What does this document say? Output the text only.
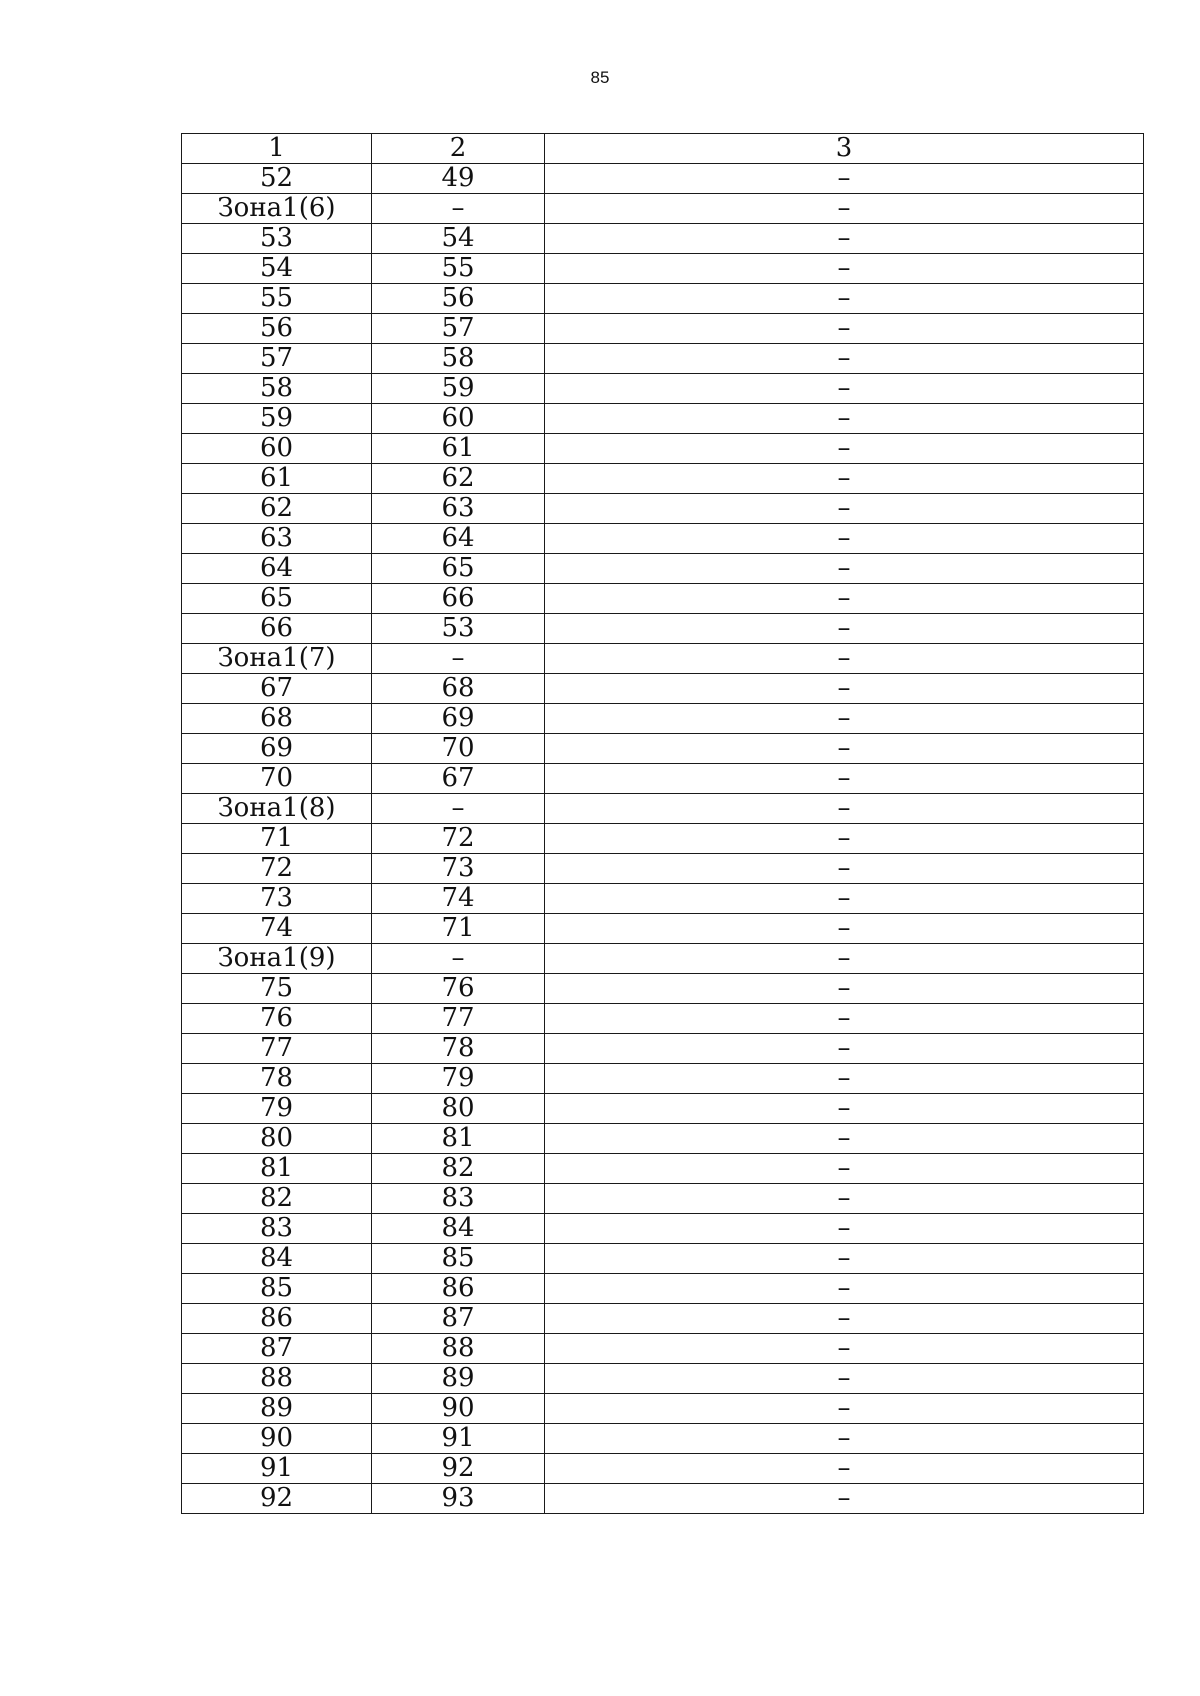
85
1	2	3
52	49	–
Зона1(6)	–	–
53	54	–
54	55	–
55	56	–
56	57	–
57	58	–
58	59	–
59	60	–
60	61	–
61	62	–
62	63	–
63	64	–
64	65	–
65	66	–
66	53	–
Зона1(7)	–	–
67	68	–
68	69	–
69	70	–
70	67	–
Зона1(8)	–	–
71	72	–
72	73	–
73	74	–
74	71	–
Зона1(9)	–	–
75	76	–
76	77	–
77	78	–
78	79	–
79	80	–
80	81	–
81	82	–
82	83	–
83	84	–
84	85	–
85	86	–
86	87	–
87	88	–
88	89	–
89	90	–
90	91	–
91	92	–
92	93	–
